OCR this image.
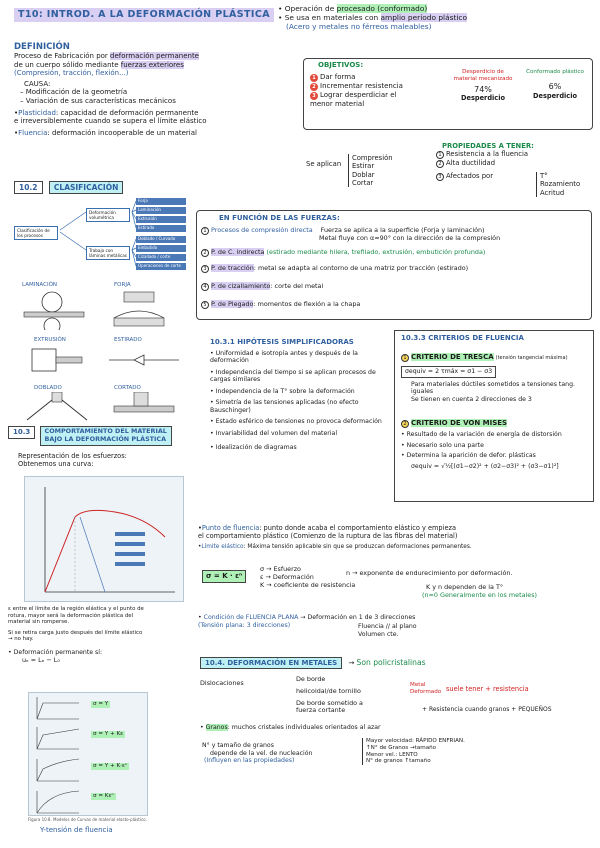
T10: INTROD. A LA DEFORMACIÓN PLÁSTICA
• Operación de procesado (conformado)
• Se usa en materiales con amplio período plástico
(Acero y metales no férreos maleables)
DEFINICIÓN
Proceso de Fabricación por deformación permanente
de un cuerpo sólido mediante fuerzas exteriores
(Compresión, tracción, flexión...)
CAUSA:
– Modificación de la geometría
– Variación de sus características mecánicos
•Plasticidad: capacidad de deformación permanente
e irreversiblemente cuando se supera el límite elástico
•Fluencia: deformación incooperable de un material
OBJETIVOS:
1 Dar forma
2 Incrementar resistencia
3 Lograr desperdiciar el menor material
Desperdicio de material mecanizado
74%
Desperdicio
Conformado plástico
6%
Desperdicio
Se aplican
Compresión
Estirar
Doblar
Cortar
PROPIEDADES A TENER:
1 Resistencia a la fluencia
2 Alta ductilidad
3 Afectados por	T°
Rozamiento
Acritud
10.2 CLASIFICACIÓN
Clasificación de los procesos
Deformación volumétrica
Trabajo con láminas metálicas
Forja
Laminación
Extrusión
Estirado
Doblado / Curvado
Embutido
Cizallado / corte
Operaciones de corte
LAMINACIÓN	FORJA
EXTRUSIÓN	ESTIRADO
DOBLADO	CORTADO
EN FUNCIÓN DE LAS FUERZAS:
1 Procesos de compresión directa Fuerza se aplica a la superficie (Forja y laminación)
Metal fluye con α≈90° con la dirección de la compresión
2 P. de C. indirecta (estirado mediante hilera, trefilado, extrusión, embutición profunda)
3 P. de tracción: metal se adapta al contorno de una matriz por tracción (estirado)
4 P. de cizallamiento: corte del metal
5 P. de Plegado: momentos de flexión a la chapa
10.3.1 HIPÓTESIS SIMPLIFICADORAS
• Uniformidad e isotropía antes y después de la deformación
• Independencia del tiempo si se aplican procesos de cargas similares
• Independencia de la T° sobre la deformación
• Simetría de las tensiones aplicadas (no efecto Bauschinger)
• Estado esférico de tensiones no provoca deformación
• Invariabilidad del volumen del material
• Idealización de diagramas
10.3.3 CRITERIOS DE FLUENCIA
1 CRITERIO DE TRESCA (tensión tangencial máxima)
σequiv = 2 τmáx = σ1 − σ3
Para materiales dúctiles sometidos a tensiones tang. iguales
Se tienen en cuenta 2 direcciones de 3
2 CRITERIO DE VON MISES
• Resultado de la variación de energía de distorsión
• Necesario solo una parte
• Determina la aparición de defor. plásticas
σequiv = √½[(σ1−σ2)² + (σ2−σ3)² + (σ3−σ1)²]
10.3 COMPORTAMIENTO DEL MATERIAL
BAJO LA DEFORMACIÓN PLÁSTICA
Representación de los esfuerzos:
Obtenemos una curva:
ε entre el límite de la región elástica y el punto de rotura, mayor será la deformación plástica del material sin romperse.
Si se retira carga justo después del límite elástico → no hay.
• Deformación permanente sí:
uₑ = Lₑ − L₀
σ = Y
σ = Y + Kε
σ = Y + K·εⁿ
σ = Kεⁿ
Figura 10.8. Modelos de Curvas de material elasto-plástico.
Y-tensión de fluencia
•Punto de fluencia: punto donde acaba el comportamiento elástico y empieza
el comportamiento plástico (Comienzo de la ruptura de las fibras del material)
•Límite elástico: Máxima tensión aplicable sin que se produzcan deformaciones permanentes.
σ = K · εⁿ
σ → Esfuerzo
ε → Deformación
K → coeficiente de resistencia
n → exponente de endurecimiento por deformación.
K y n dependen de la T°
(n≈0 Generalmente en los metales)
• Condición de FLUENCIA PLANA → Deformación en 1 de 3 direcciones
(Tensión plana: 3 direcciones)	Fluencia // al plano
Volumen cte.
10.4. DEFORMACIÓN EN METALES → Son policristalinas
Dislocaciones	De borde
helicoidal/de tornillo
De borde sometido a fuerza cortante
Metal Deformado suele tener + resistencia
+ Resistencia cuando granos + PEQUEÑOS
• Granos: muchos cristales individuales orientados al azar
N° y tamaño de granos
depende de la vel. de nucleación
(Influyen en las propiedades)
Mayor velocidad: RÁPIDO ENFRIAN.
↑N° de Granos →tamaño
Menor vel.: LENTO
N° de granos ↑tamaño
